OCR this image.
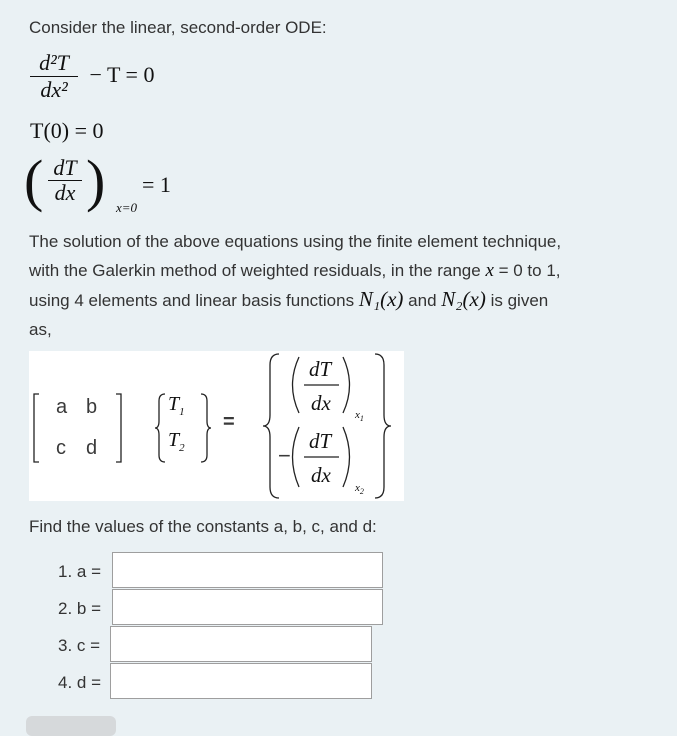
Consider the linear, second-order ODE:
$\frac{\text{d²T}}{\text{dx²}} - T = 0$
T(0) = 0
( dT
dx ) x=0
= 1
The solution of the above equations using the finite element technique,
with the Galerkin method of weighted residuals, in the range x = 0 to 1,
using 4 elements and linear basis functions N₁(x) and N₂(x) is given
as,
a b
c d
$T_1$
$T_2$
=
dT
dx $x_1$
−
dT
dx
$x_2$
Find the values of the constants a, b, c, and d:
1. a =
2. b =
3. c =
4. d =
